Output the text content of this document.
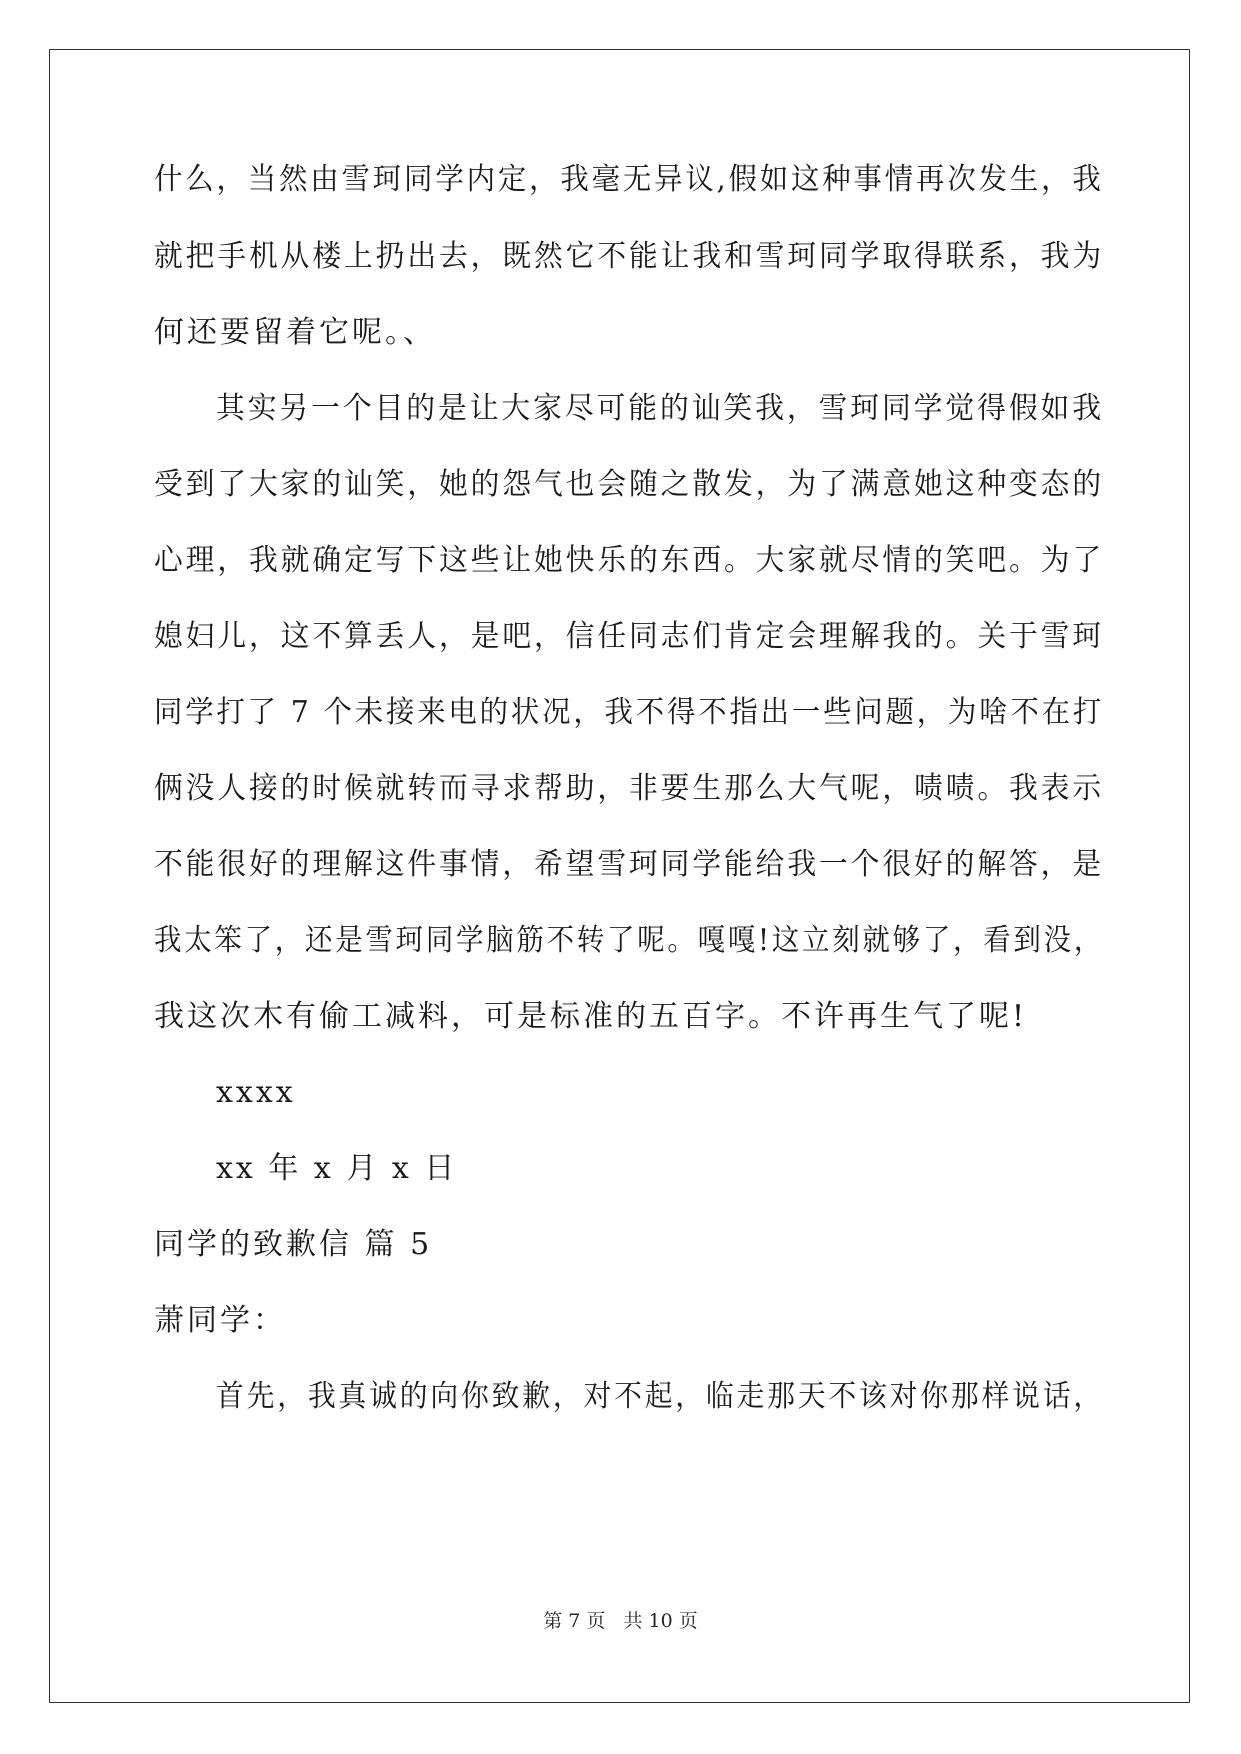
什么，当然由雪珂同学内定，我毫无异议,假如这种事情再次发生，我
就把手机从楼上扔出去，既然它不能让我和雪珂同学取得联系，我为
何还要留着它呢。、
其实另一个目的是让大家尽可能的讪笑我，雪珂同学觉得假如我
受到了大家的讪笑，她的怨气也会随之散发，为了满意她这种变态的
心理，我就确定写下这些让她快乐的东西。大家就尽情的笑吧。为了
媳妇儿，这不算丢人，是吧，信任同志们肯定会理解我的。关于雪珂
同学打了 7 个未接来电的状况，我不得不指出一些问题，为啥不在打
俩没人接的时候就转而寻求帮助，非要生那么大气呢，啧啧。我表示
不能很好的理解这件事情，希望雪珂同学能给我一个很好的解答，是
我太笨了，还是雪珂同学脑筋不转了呢。嘎嘎!这立刻就够了，看到没，
我这次木有偷工减料，可是标准的五百字。不许再生气了呢!
xxxx
xx 年 x 月 x 日
同学的致歉信 篇 5
萧同学：
首先，我真诚的向你致歉，对不起，临走那天不该对你那样说话，
第 7 页 共 10 页
